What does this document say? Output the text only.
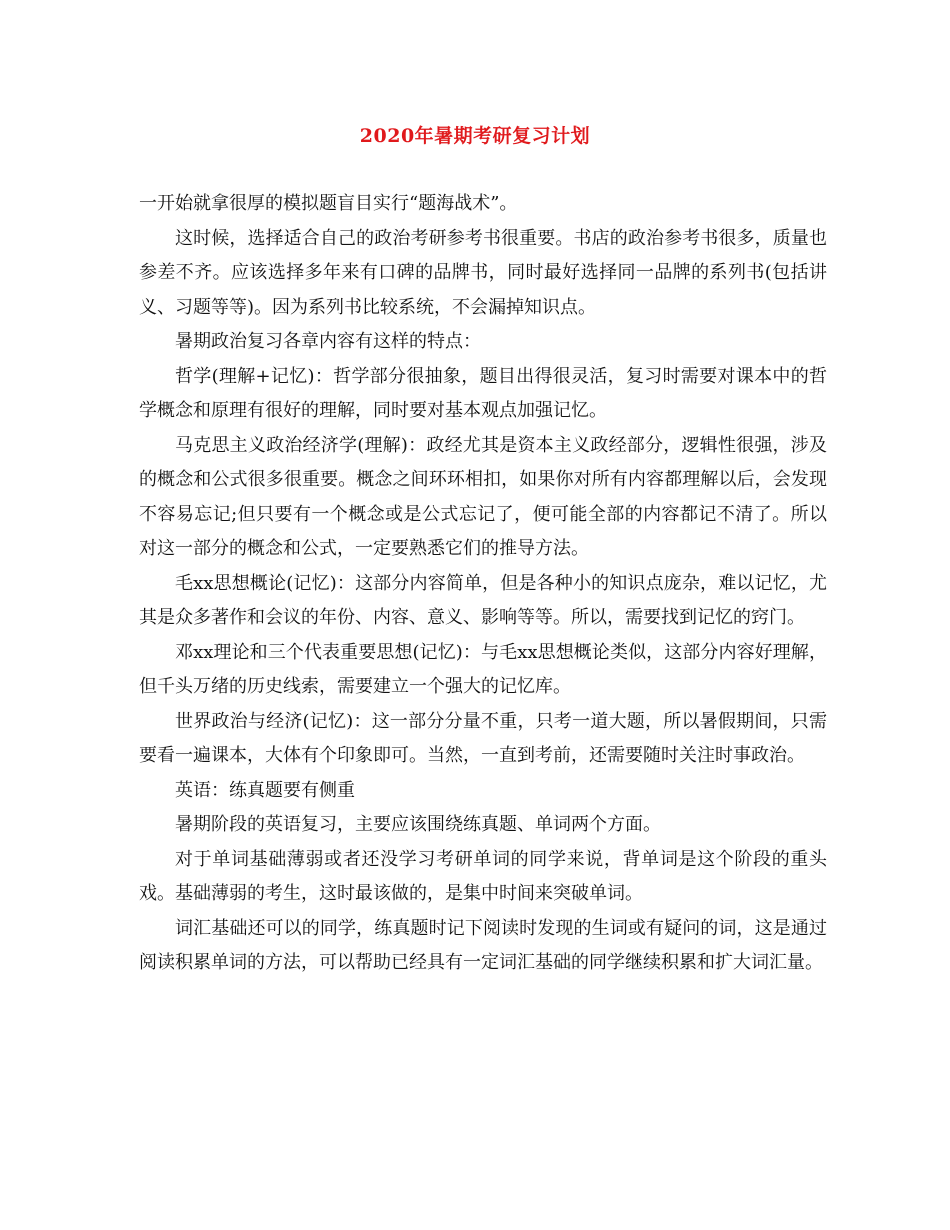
2020年暑期考研复习计划

一开始就拿很厚的模拟题盲目实行“题海战术”。

这时候，选择适合自己的政治考研参考书很重要。书店的政治参考书很多，质量也参差不齐。应该选择多年来有口碑的品牌书，同时最好选择同一品牌的系列书(包括讲义、习题等等)。因为系列书比较系统，不会漏掉知识点。

暑期政治复习各章内容有这样的特点：

哲学(理解+记忆)：哲学部分很抽象，题目出得很灵活，复习时需要对课本中的哲学概念和原理有很好的理解，同时要对基本观点加强记忆。

马克思主义政治经济学(理解)：政经尤其是资本主义政经部分，逻辑性很强，涉及的概念和公式很多很重要。概念之间环环相扣，如果你对所有内容都理解以后，会发现不容易忘记;但只要有一个概念或是公式忘记了，便可能全部的内容都记不清了。所以对这一部分的概念和公式，一定要熟悉它们的推导方法。

毛xx思想概论(记忆)：这部分内容简单，但是各种小的知识点庞杂，难以记忆，尤其是众多著作和会议的年份、内容、意义、影响等等。所以，需要找到记忆的窍门。

邓xx理论和三个代表重要思想(记忆)：与毛xx思想概论类似，这部分内容好理解，但千头万绪的历史线索，需要建立一个强大的记忆库。

世界政治与经济(记忆)：这一部分分量不重，只考一道大题，所以暑假期间，只需要看一遍课本，大体有个印象即可。当然，一直到考前，还需要随时关注时事政治。

英语：练真题要有侧重

暑期阶段的英语复习，主要应该围绕练真题、单词两个方面。

对于单词基础薄弱或者还没学习考研单词的同学来说，背单词是这个阶段的重头戏。基础薄弱的考生，这时最该做的，是集中时间来突破单词。

词汇基础还可以的同学，练真题时记下阅读时发现的生词或有疑问的词，这是通过阅读积累单词的方法，可以帮助已经具有一定词汇基础的同学继续积累和扩大词汇量。
